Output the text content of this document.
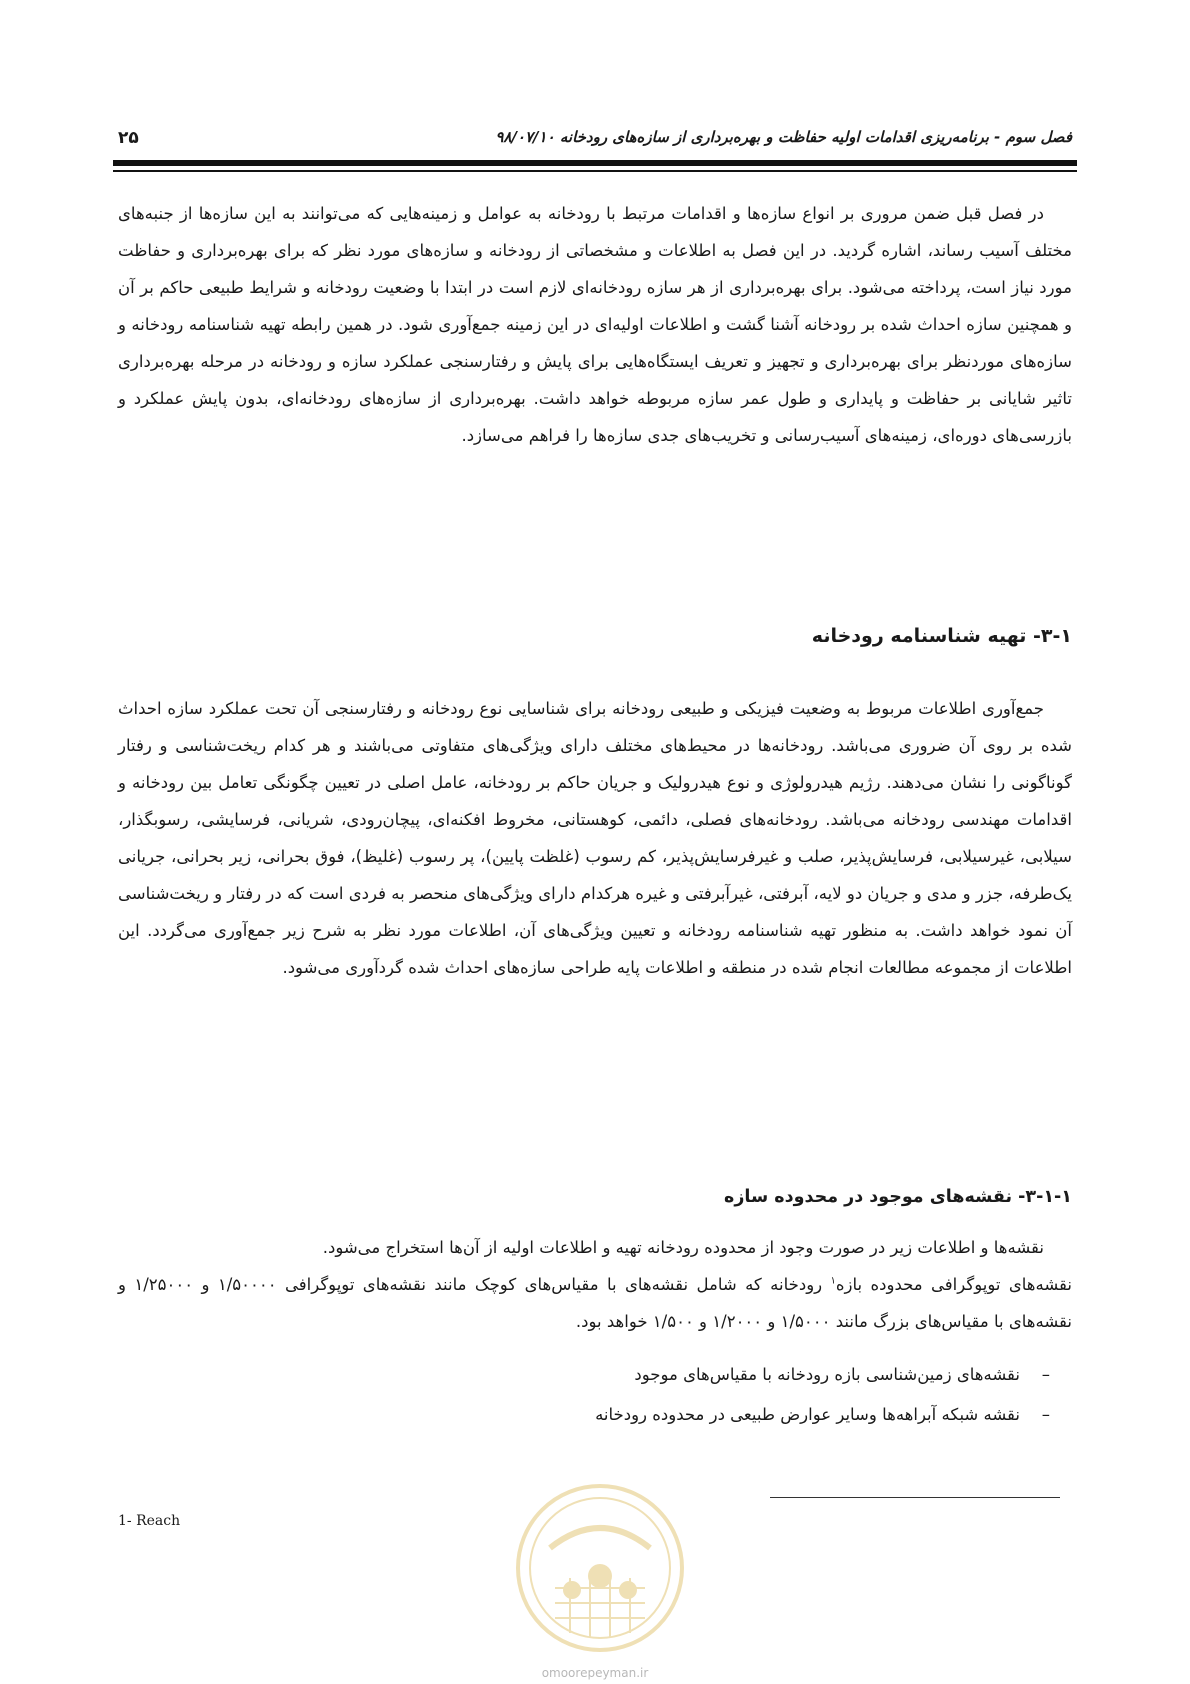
فصل سوم - برنامه‌ریزی اقدامات اولیه حفاظت و بهره‌برداری از سازه‌های رودخانه ۹۸/۰۷/۱۰
۲۵

در فصل قبل ضمن مروری بر انواع سازه‌ها و اقدامات مرتبط با رودخانه به عوامل و زمینه‌هایی که می‌توانند به این سازه‌ها از جنبه‌های مختلف آسیب رساند، اشاره گردید. در این فصل به اطلاعات و مشخصاتی از رودخانه و سازه‌های مورد نظر که برای بهره‌برداری و حفاظت مورد نیاز است، پرداخته می‌شود. برای بهره‌برداری از هر سازه رودخانه‌ای لازم است در ابتدا با وضعیت رودخانه و شرایط طبیعی حاکم بر آن و همچنین سازه احداث شده بر رودخانه آشنا گشت و اطلاعات اولیه‌ای در این زمینه جمع‌آوری شود. در همین رابطه تهیه شناسنامه رودخانه و سازه‌های موردنظر برای بهره‌برداری و تجهیز و تعریف ایستگاه‌هایی برای پایش و رفتارسنجی عملکرد سازه و رودخانه در مرحله بهره‌برداری تاثیر شایانی بر حفاظت و پایداری و طول عمر سازه مربوطه خواهد داشت. بهره‌برداری از سازه‌های رودخانه‌ای، بدون پایش عملکرد و بازرسی‌های دوره‌ای، زمینه‌های آسیب‌رسانی و تخریب‌های جدی سازه‌ها را فراهم می‌سازد.

۳-۱- تهیه شناسنامه رودخانه

جمع‌آوری اطلاعات مربوط به وضعیت فیزیکی و طبیعی رودخانه برای شناسایی نوع رودخانه و رفتارسنجی آن تحت عملکرد سازه احداث شده بر روی آن ضروری می‌باشد. رودخانه‌ها در محیط‌های مختلف دارای ویژگی‌های متفاوتی می‌باشند و هر کدام ریخت‌شناسی و رفتار گوناگونی را نشان می‌دهند. رژیم هیدرولوژی و نوع هیدرولیک و جریان حاکم بر رودخانه، عامل اصلی در تعیین چگونگی تعامل بین رودخانه و اقدامات مهندسی رودخانه می‌باشد. رودخانه‌های فصلی، دائمی، کوهستانی، مخروط افکنه‌ای، پیچان‌رودی، شریانی، فرسایشی، رسوبگذار، سیلابی، غیرسیلابی، فرسایش‌پذیر، صلب و غیرفرسایش‌پذیر، کم رسوب (غلظت پایین)، پر رسوب (غلیظ)، فوق بحرانی، زیر بحرانی، جریانی یک‌طرفه، جزر و مدی و جریان دو لایه، آبرفتی، غیرآبرفتی و غیره هرکدام دارای ویژگی‌های منحصر به فردی است که در رفتار و ریخت‌شناسی آن نمود خواهد داشت. به منظور تهیه شناسنامه رودخانه و تعیین ویژگی‌های آن، اطلاعات مورد نظر به شرح زیر جمع‌آوری می‌گردد. این اطلاعات از مجموعه مطالعات انجام شده در منطقه و اطلاعات پایه طراحی سازه‌های احداث شده گردآوری می‌شود.

۳-۱-۱- نقشه‌های موجود در محدوده سازه

نقشه‌ها و اطلاعات زیر در صورت وجود از محدوده رودخانه تهیه و اطلاعات اولیه از آن‌ها استخراج می‌شود.
نقشه‌های توپوگرافی محدوده بازه$^۱$ رودخانه که شامل نقشه‌های با مقیاس‌های کوچک مانند نقشه‌های توپوگرافی ۱/۵۰۰۰۰ و ۱/۲۵۰۰۰ و نقشه‌های با مقیاس‌های بزرگ مانند ۱/۵۰۰۰ و ۱/۲۰۰۰ و ۱/۵۰۰ خواهد بود.

–
نقشه‌های زمین‌شناسی بازه رودخانه با مقیاس‌های موجود
–
نقشه شبکه آبراهه‌ها وسایر عوارض طبیعی در محدوده رودخانه
1- Reach
omoorepeyman.ir
